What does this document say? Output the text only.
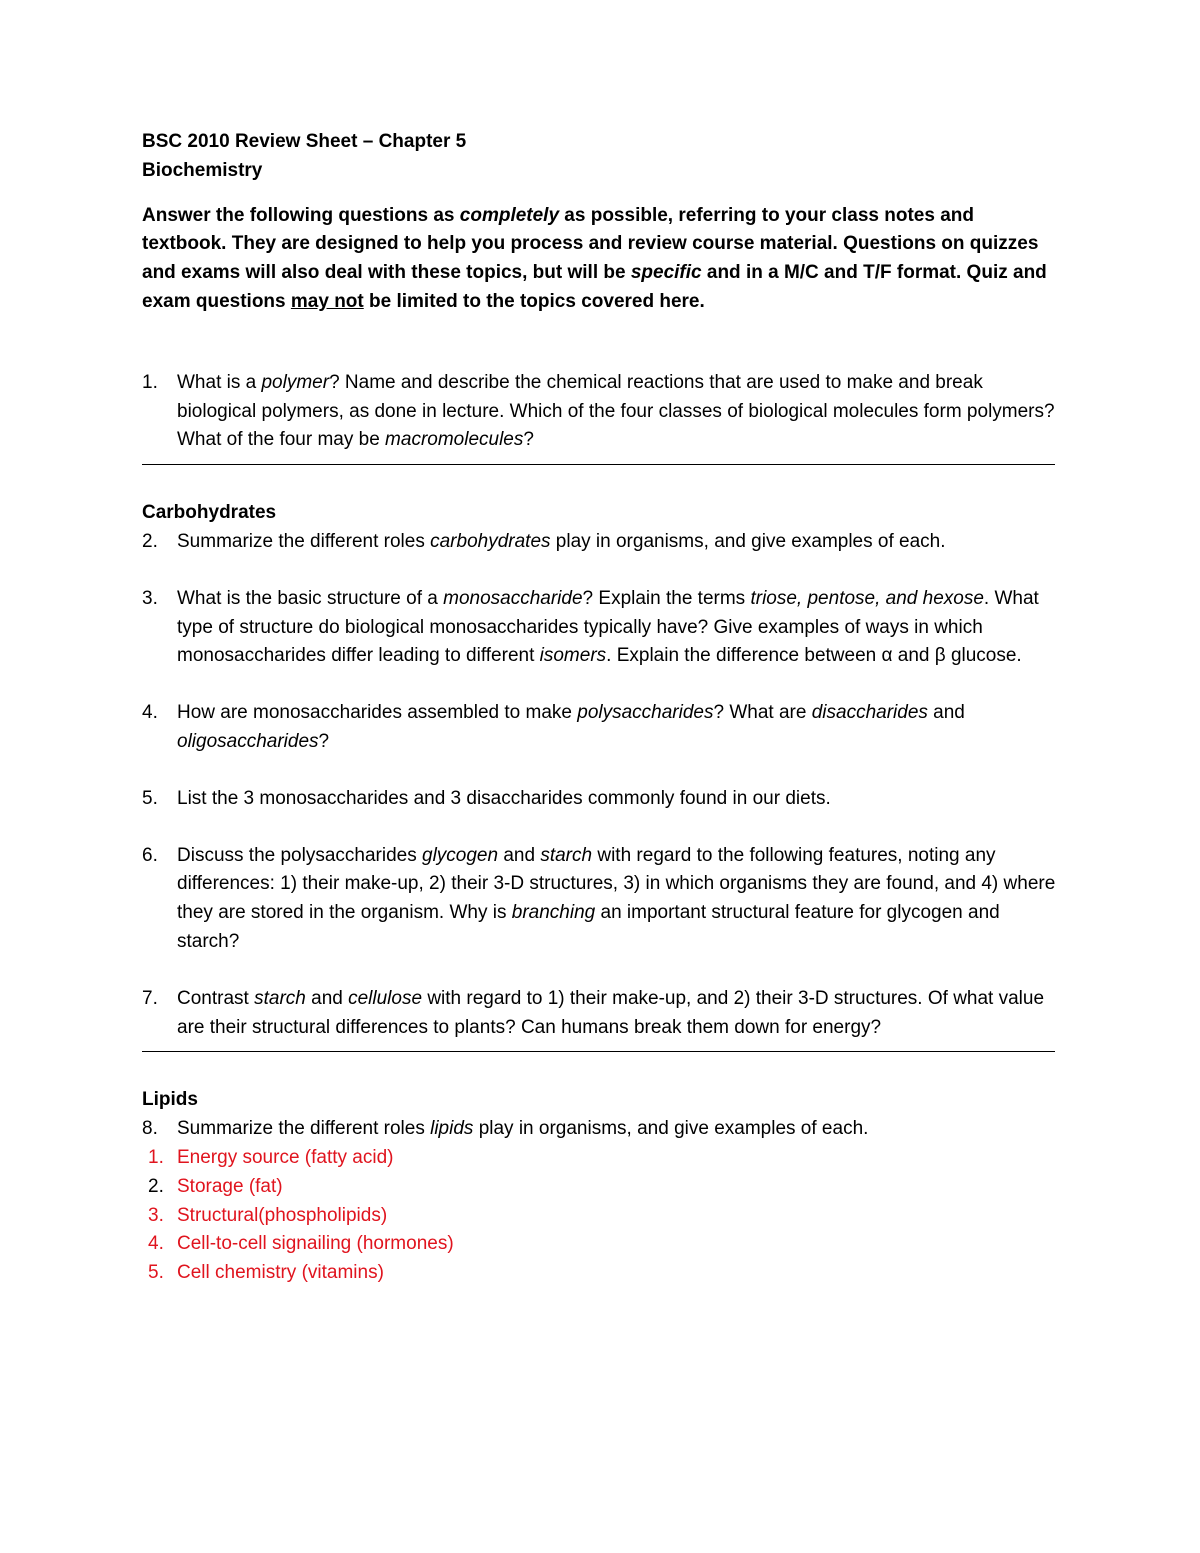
BSC 2010 Review Sheet – Chapter 5
Biochemistry
Answer the following questions as completely as possible, referring to your class notes and textbook. They are designed to help you process and review course material. Questions on quizzes and exams will also deal with these topics, but will be specific and in a M/C and T/F format. Quiz and exam questions may not be limited to the topics covered here.
1.	What is a polymer? Name and describe the chemical reactions that are used to make and break biological polymers, as done in lecture. Which of the four classes of biological molecules form polymers? What of the four may be macromolecules?
Carbohydrates
2.	Summarize the different roles carbohydrates play in organisms, and give examples of each.
3.	What is the basic structure of a monosaccharide? Explain the terms triose, pentose, and hexose. What type of structure do biological monosaccharides typically have? Give examples of ways in which monosaccharides differ leading to different isomers. Explain the difference between α and β glucose.
4.	How are monosaccharides assembled to make polysaccharides? What are disaccharides and oligosaccharides?
5.	List the 3 monosaccharides and 3 disaccharides commonly found in our diets.
6.	Discuss the polysaccharides glycogen and starch with regard to the following features, noting any differences: 1) their make-up, 2) their 3-D structures, 3) in which organisms they are found, and 4) where they are stored in the organism. Why is branching an important structural feature for glycogen and starch?
7.	Contrast starch and cellulose with regard to 1) their make-up, and 2) their 3-D structures. Of what value are their structural differences to plants? Can humans break them down for energy?
Lipids
8.	Summarize the different roles lipids play in organisms, and give examples of each.
1. Energy source (fatty acid)
2. Storage (fat)
3. Structural(phospholipids)
4. Cell-to-cell signailing (hormones)
5. Cell chemistry (vitamins)
